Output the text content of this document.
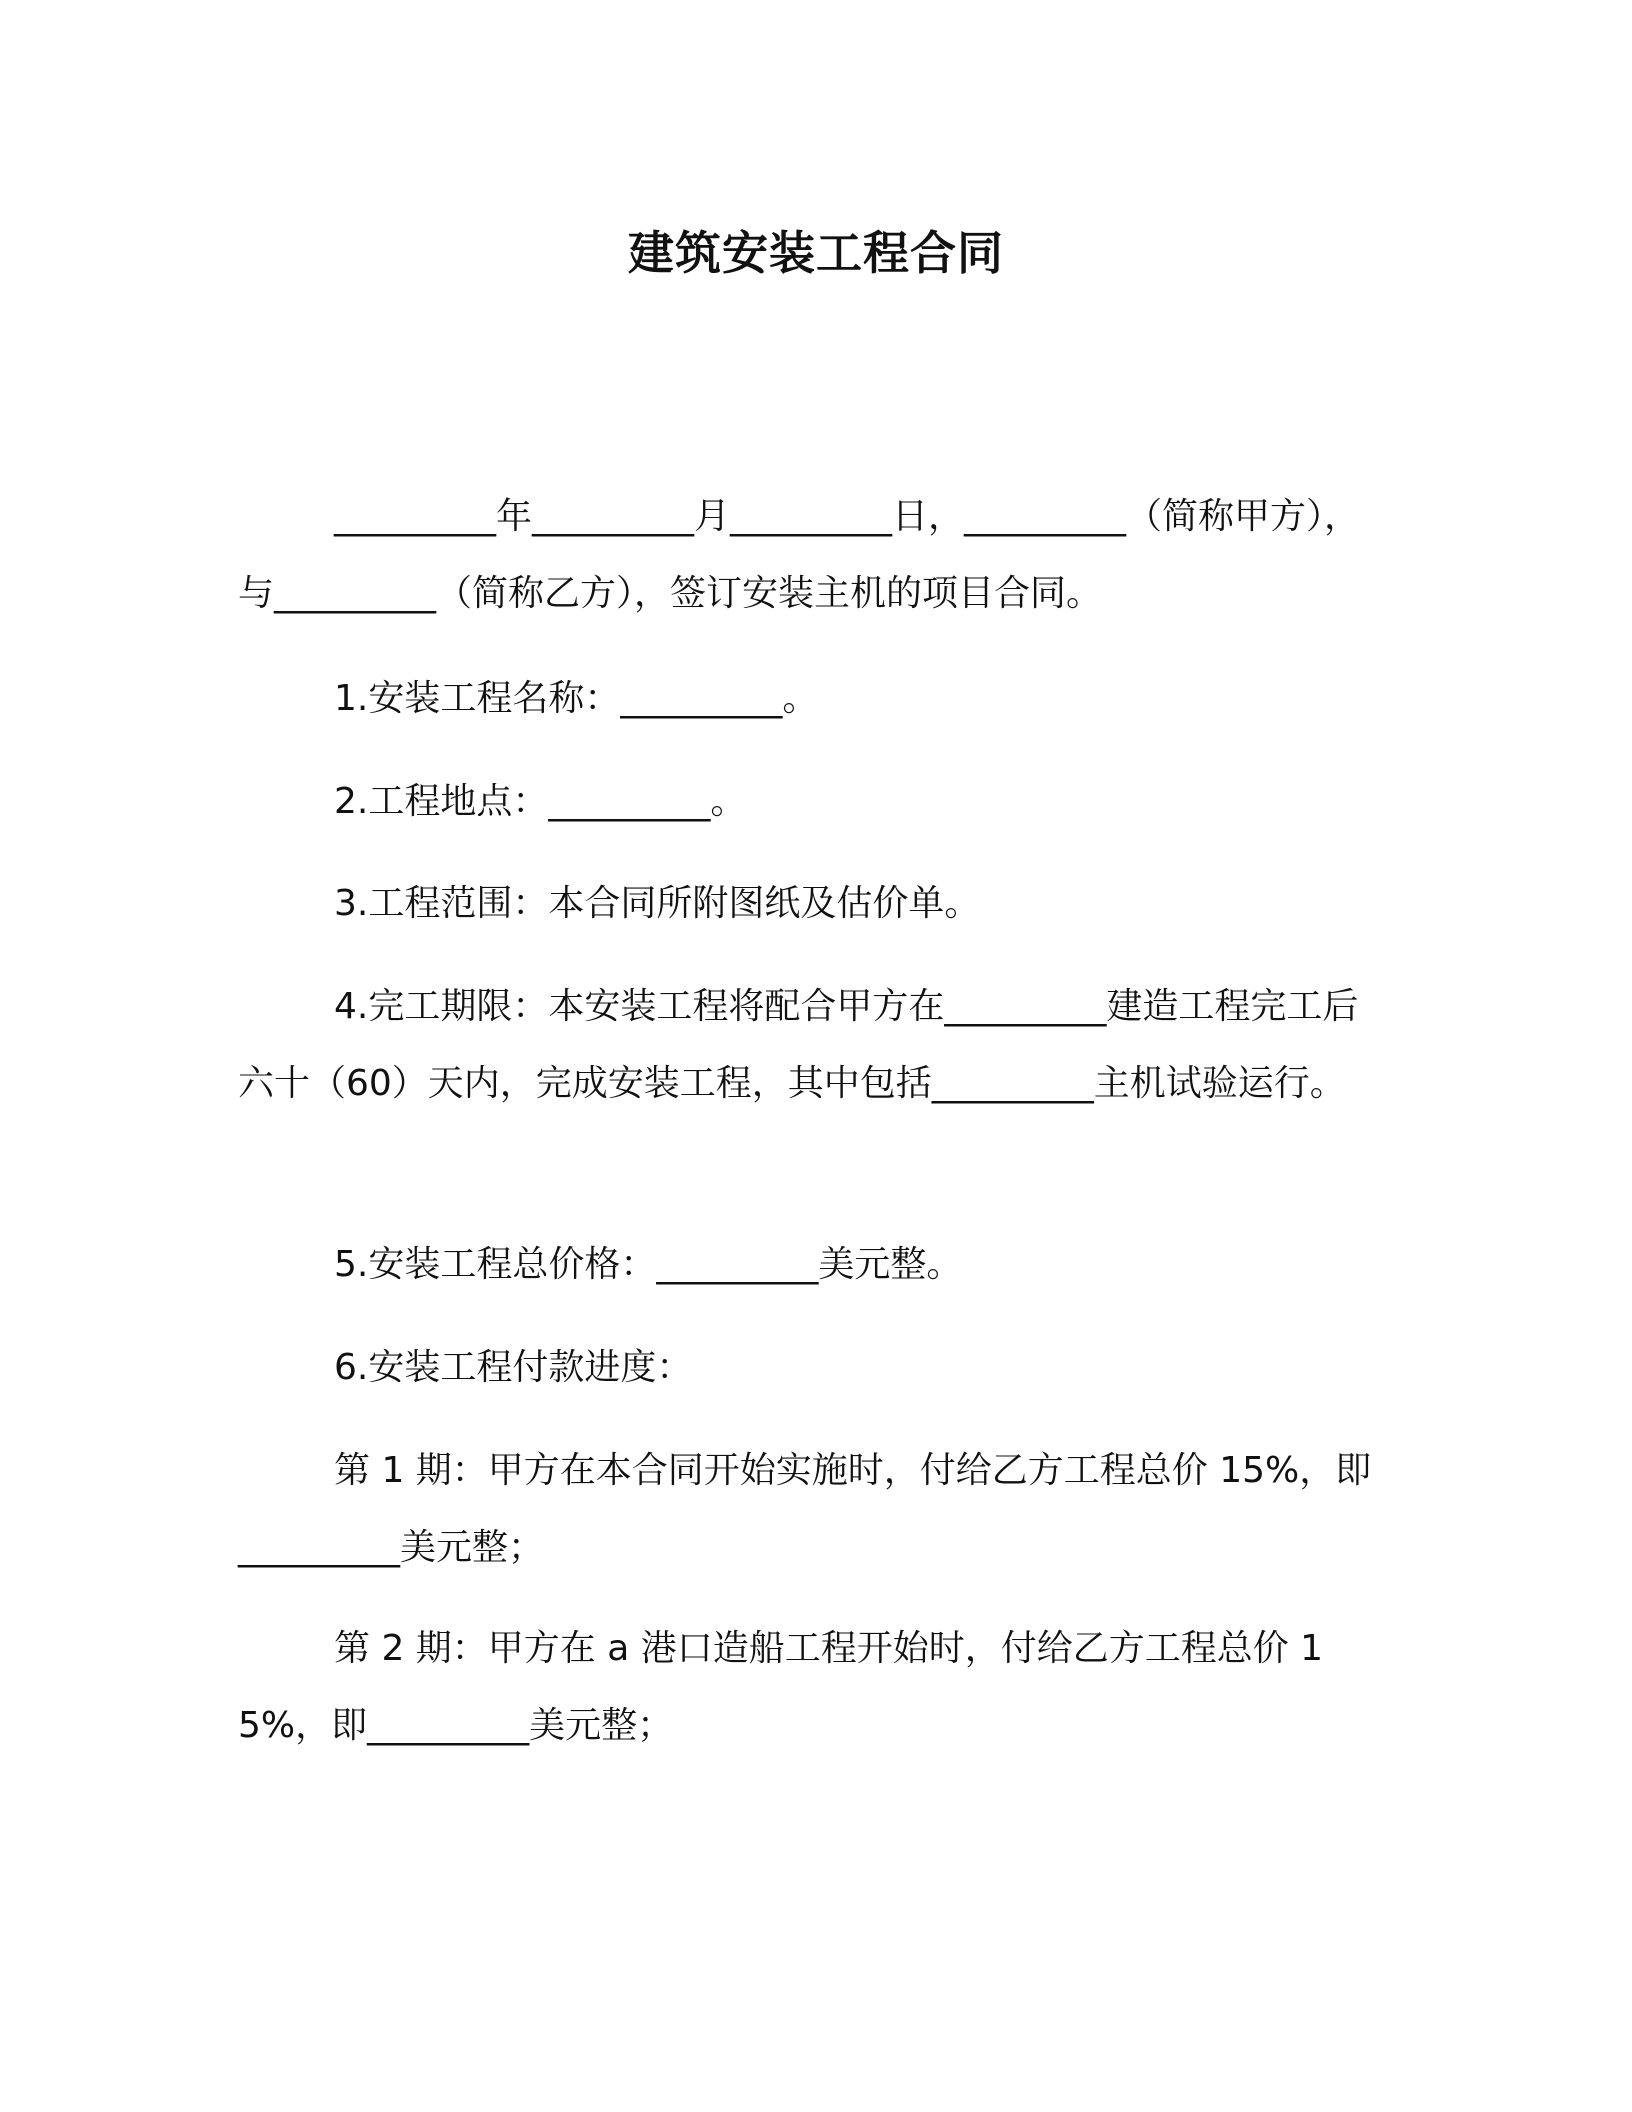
建筑安装工程合同

_________年_________月_________日，_________（简称甲方），与_________（简称乙方），签订安装主机的项目合同。

1.安装工程名称：_________。

2.工程地点：_________。

3.工程范围：本合同所附图纸及估价单。

4.完工期限：本安装工程将配合甲方在_________建造工程完工后六十（60）天内，完成安装工程，其中包括_________主机试验运行。

5.安装工程总价格：_________美元整。

6.安装工程付款进度：

第 1 期：甲方在本合同开始实施时，付给乙方工程总价 15%，即_________美元整；

第 2 期：甲方在 a 港口造船工程开始时，付给乙方工程总价 15%，即_________美元整；
